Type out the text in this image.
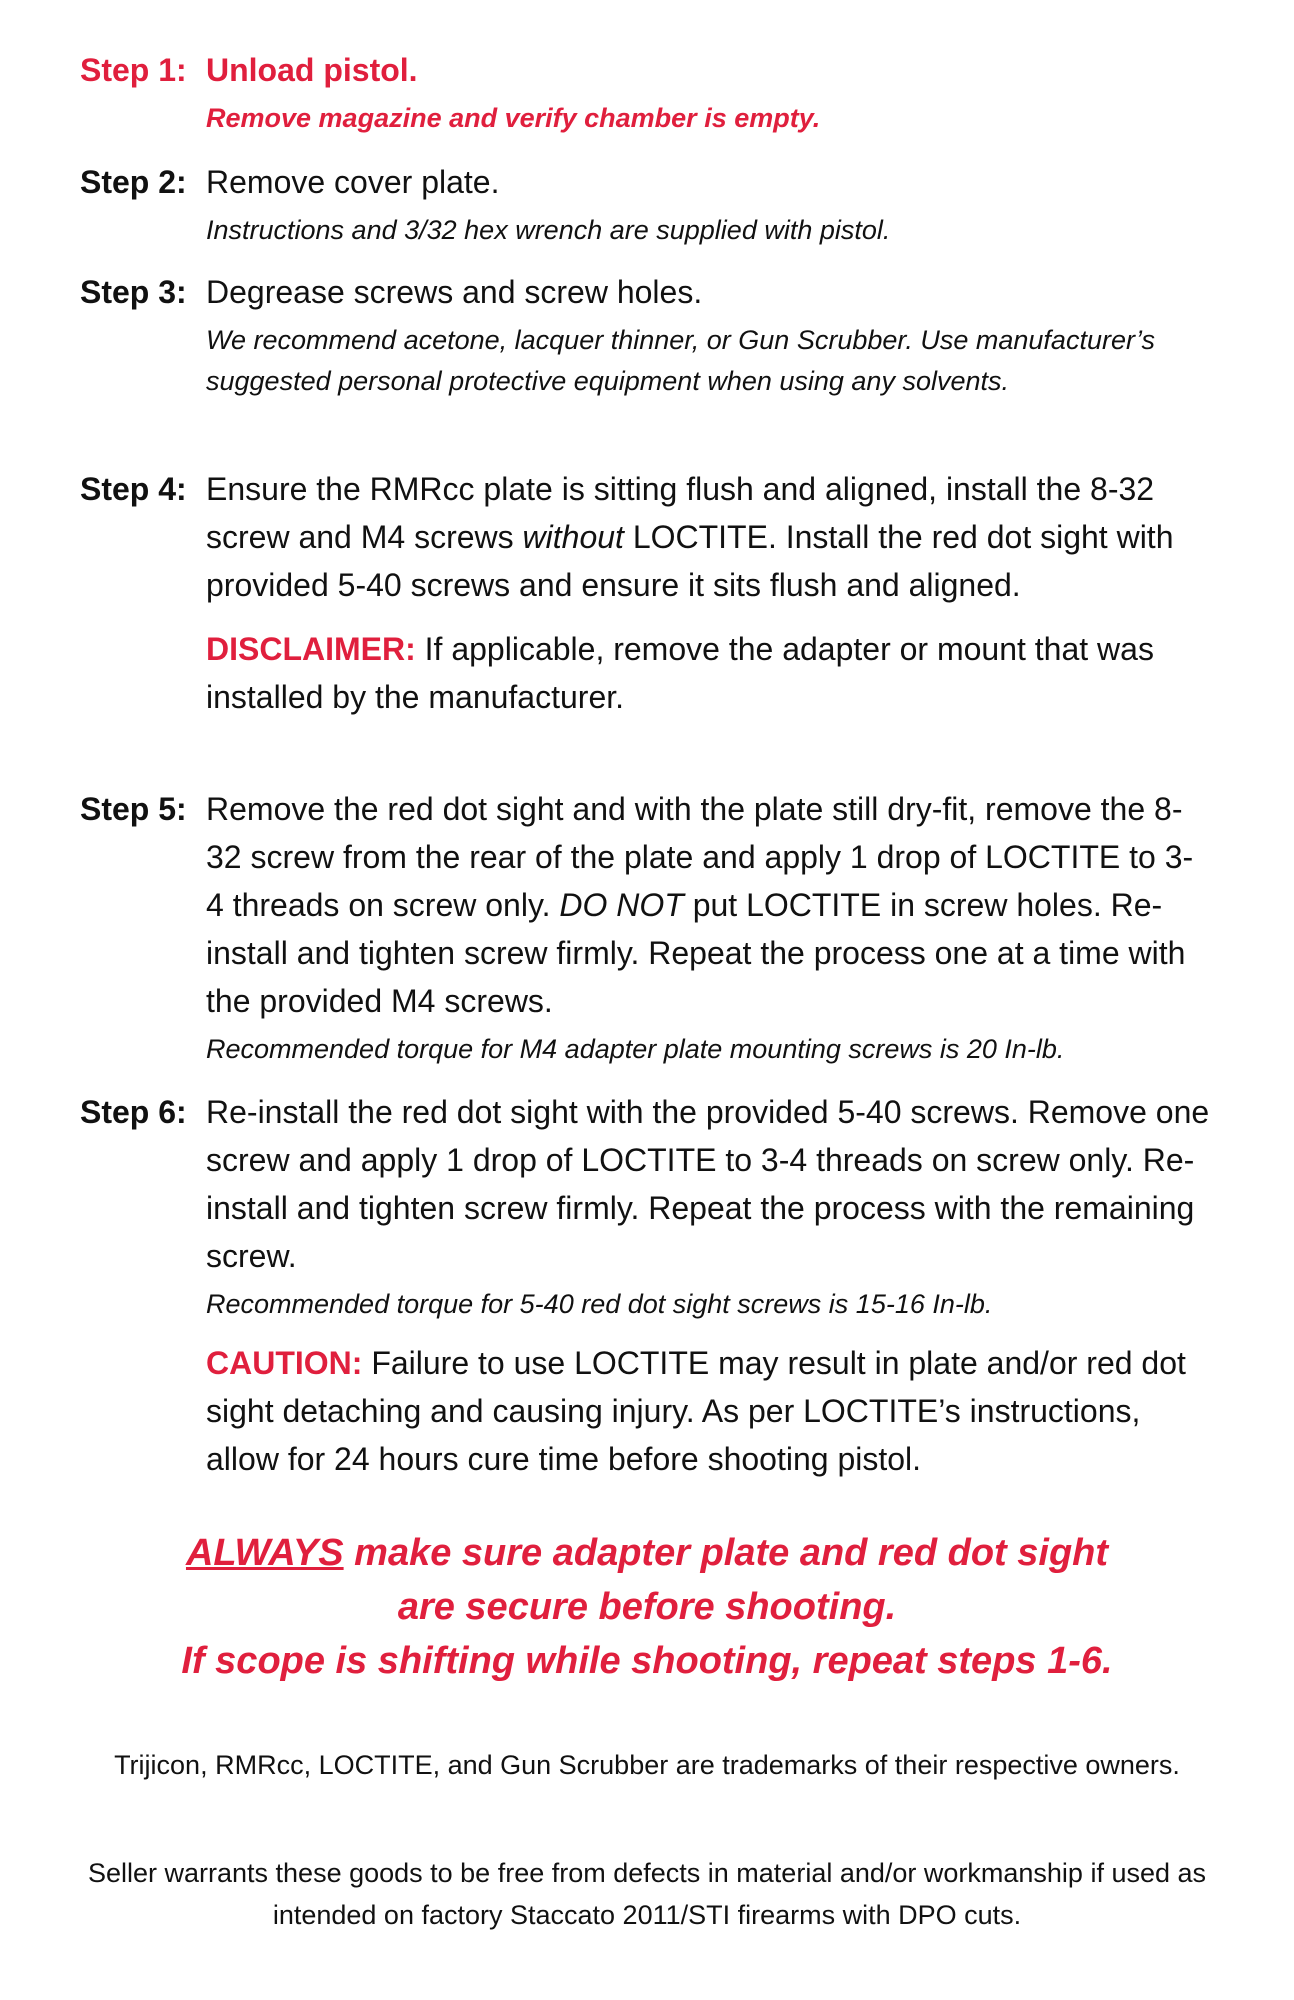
Step 1: Unload pistol.
Remove magazine and verify chamber is empty.
Step 2: Remove cover plate.
Instructions and 3/32 hex wrench are supplied with pistol.
Step 3: Degrease screws and screw holes.
We recommend acetone, lacquer thinner, or Gun Scrubber. Use manufacturer’s suggested personal protective equipment when using any solvents.
Step 4: Ensure the RMRcc plate is sitting flush and aligned, install the 8-32 screw and M4 screws without LOCTITE. Install the red dot sight with provided 5-40 screws and ensure it sits flush and aligned.
DISCLAIMER: If applicable, remove the adapter or mount that was installed by the manufacturer.
Step 5: Remove the red dot sight and with the plate still dry-fit, remove the 8-32 screw from the rear of the plate and apply 1 drop of LOCTITE to 3-4 threads on screw only. DO NOT put LOCTITE in screw holes. Re-install and tighten screw firmly. Repeat the process one at a time with the provided M4 screws.
Recommended torque for M4 adapter plate mounting screws is 20 In-lb.
Step 6: Re-install the red dot sight with the provided 5-40 screws. Remove one screw and apply 1 drop of LOCTITE to 3-4 threads on screw only. Re-install and tighten screw firmly. Repeat the process with the remaining screw.
Recommended torque for 5-40 red dot sight screws is 15-16 In-lb.
CAUTION: Failure to use LOCTITE may result in plate and/or red dot sight detaching and causing injury. As per LOCTITE’s instructions, allow for 24 hours cure time before shooting pistol.
ALWAYS make sure adapter plate and red dot sight
are secure before shooting.
If scope is shifting while shooting, repeat steps 1-6.
Trijicon, RMRcc, LOCTITE, and Gun Scrubber are trademarks of their respective owners.
Seller warrants these goods to be free from defects in material and/or workmanship if used as intended on factory Staccato 2011/STI firearms with DPO cuts.
